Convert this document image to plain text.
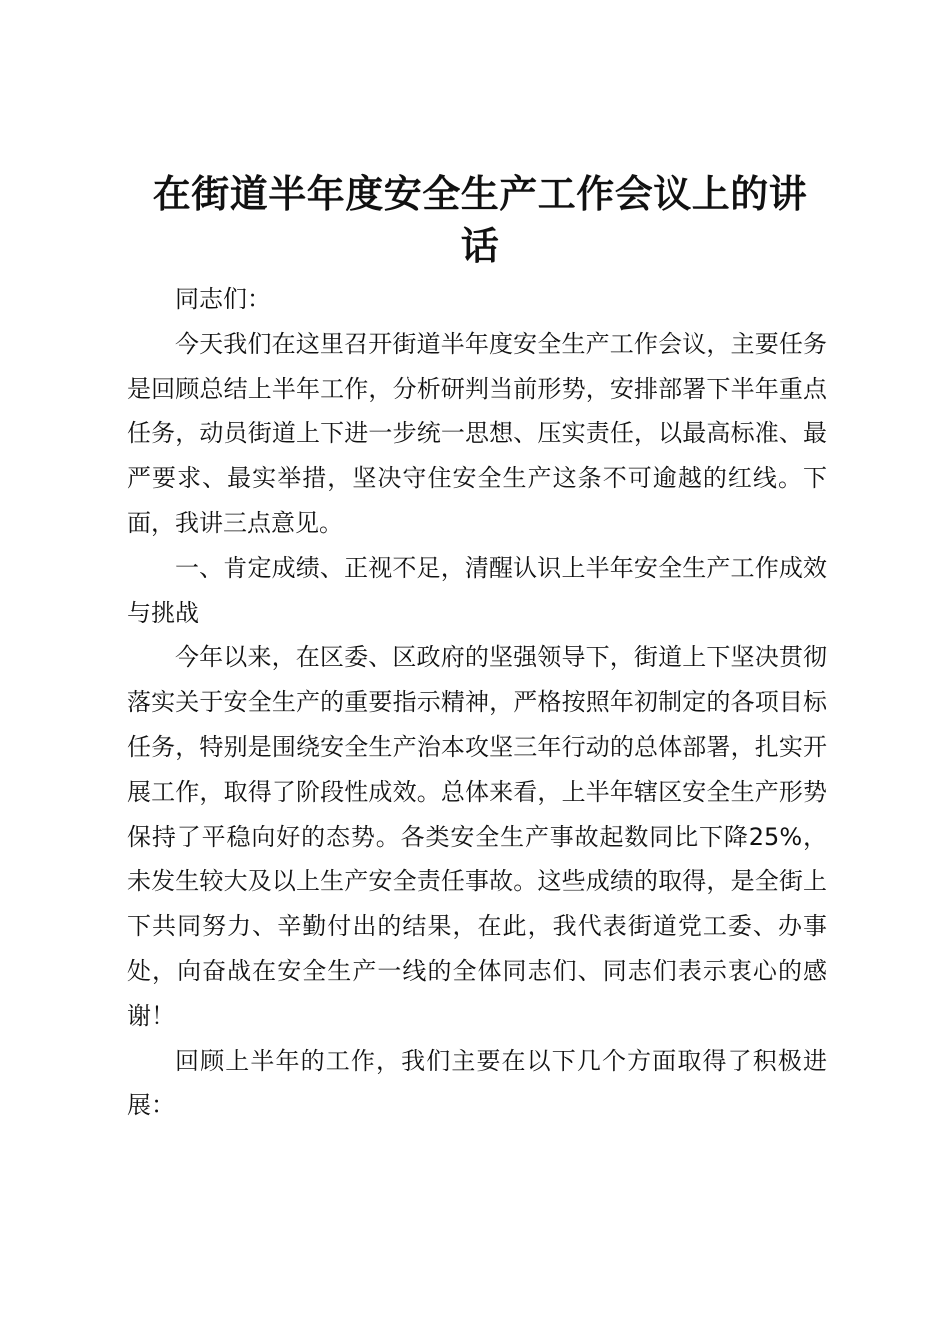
在街道半年度安全生产工作会议上的讲
话

同志们：

今天我们在这里召开街道半年度安全生产工作会议，主要任务是回顾总结上半年工作，分析研判当前形势，安排部署下半年重点任务，动员街道上下进一步统一思想、压实责任，以最高标准、最严要求、最实举措，坚决守住安全生产这条不可逾越的红线。下面，我讲三点意见。

一、肯定成绩、正视不足，清醒认识上半年安全生产工作成效与挑战

今年以来，在区委、区政府的坚强领导下，街道上下坚决贯彻落实关于安全生产的重要指示精神，严格按照年初制定的各项目标任务，特别是围绕安全生产治本攻坚三年行动的总体部署，扎实开展工作，取得了阶段性成效。总体来看，上半年辖区安全生产形势保持了平稳向好的态势。各类安全生产事故起数同比下降25%，未发生较大及以上生产安全责任事故。这些成绩的取得，是全街上下共同努力、辛勤付出的结果，在此，我代表街道党工委、办事处，向奋战在安全生产一线的全体同志们、同志们表示衷心的感谢！

回顾上半年的工作，我们主要在以下几个方面取得了积极进展：
